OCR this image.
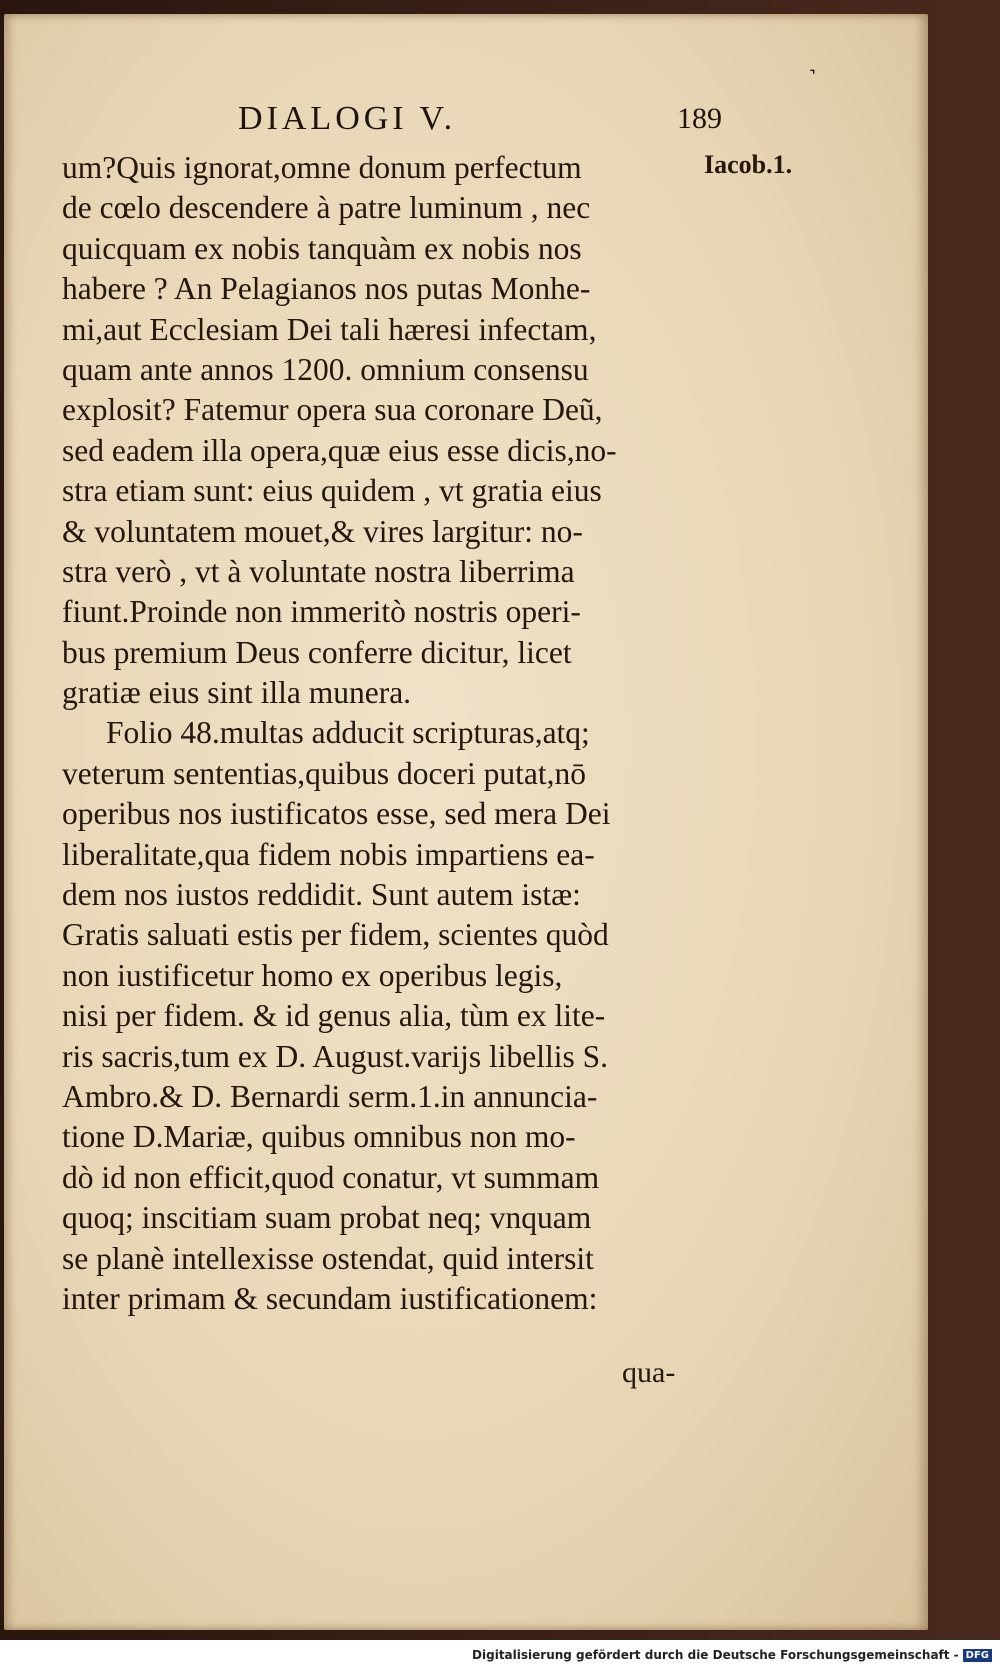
˺
DIALOGI V.	189
Iacob.1.
um?Quis ignorat,omne donum perfectum
de cœlo descendere à patre luminum , nec
quicquam ex nobis tanquàm ex nobis nos
habere ? An Pelagianos nos putas Monhe-
mi,aut Ecclesiam Dei tali hæresi infectam,
quam ante annos 1200. omnium consensu
explosit? Fatemur opera sua coronare Deũ,
sed eadem illa opera,quæ eius esse dicis,no-
stra etiam sunt: eius quidem , vt gratia eius
& voluntatem mouet,& vires largitur: no-
stra verò , vt à voluntate nostra liberrima
fiunt.Proinde non immeritò nostris operi-
bus premium Deus conferre dicitur, licet
gratiæ eius sint illa munera.
Folio 48.multas adducit scripturas,atq;
veterum sententias,quibus doceri putat,nō
operibus nos iustificatos esse, sed mera Dei
liberalitate,qua fidem nobis impartiens ea-
dem nos iustos reddidit. Sunt autem istæ:
Gratis saluati estis per fidem, scientes quòd
non iustificetur homo ex operibus legis,
nisi per fidem. & id genus alia, tùm ex lite-
ris sacris,tum ex D. August.varijs libellis S.
Ambro.& D. Bernardi serm.1.in annuncia-
tione D.Mariæ, quibus omnibus non mo-
dò id non efficit,quod conatur, vt summam
quoq; inscitiam suam probat neq; vnquam
se planè intellexisse ostendat, quid intersit
inter primam & secundam iustificationem:
qua-
Digitalisierung gefördert durch die Deutsche Forschungsgemeinschaft - DFG
